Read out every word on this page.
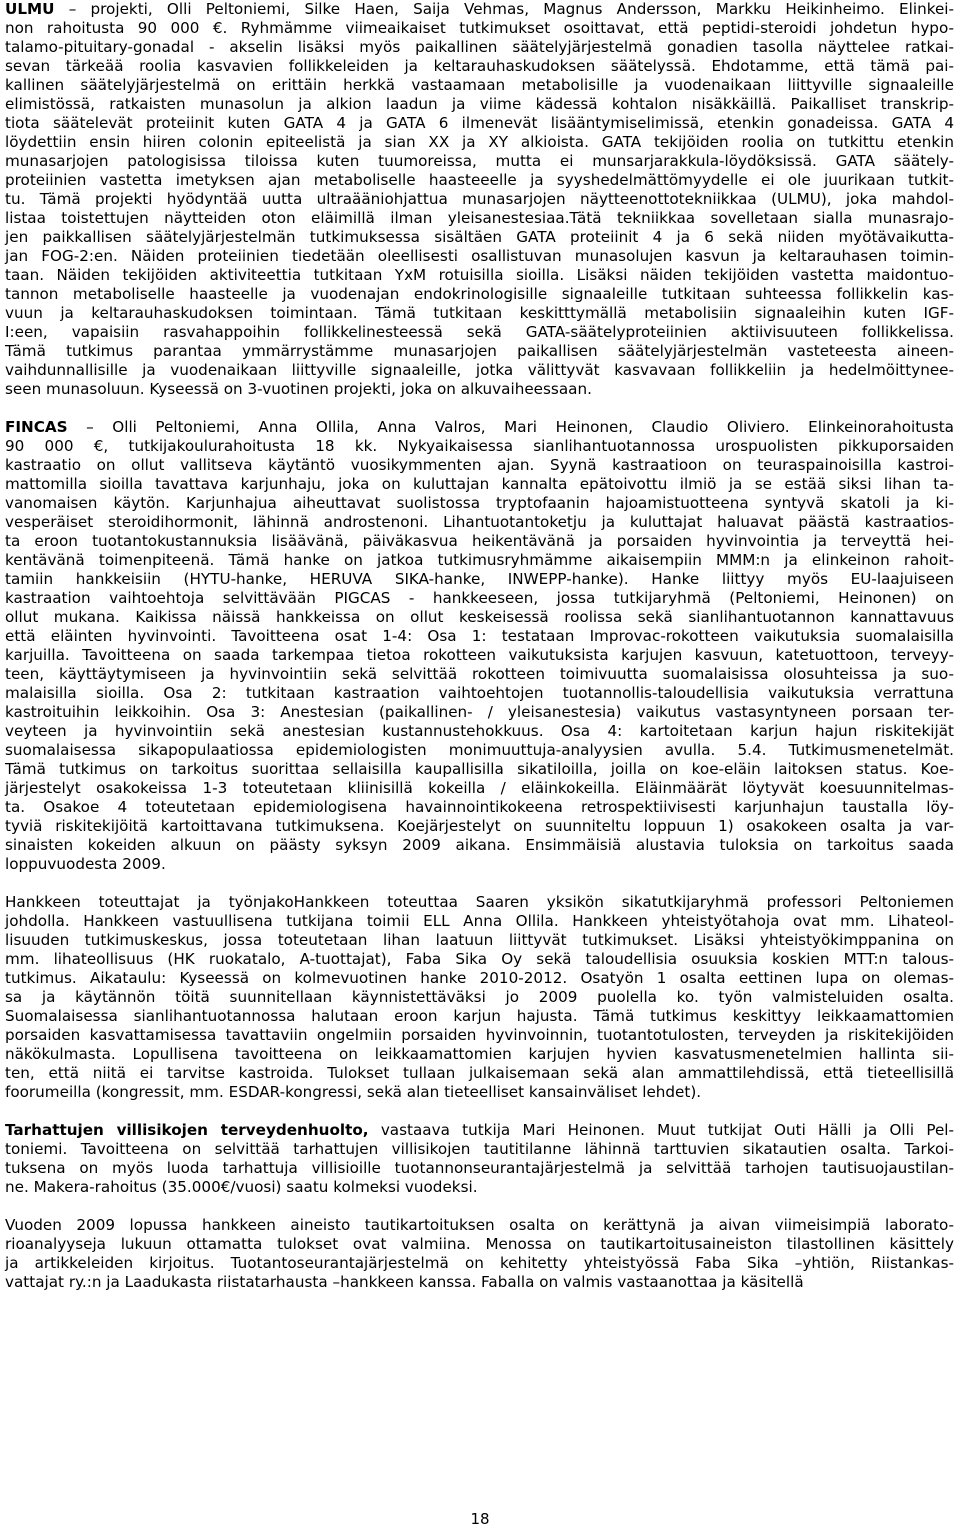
ULMU – projekti, Olli Peltoniemi, Silke Haen, Saija Vehmas, Magnus Andersson, Markku Heikinheimo. Elinkei-
non rahoitusta 90 000 €. Ryhmämme viimeaikaiset tutkimukset osoittavat, että peptidi-steroidi johdetun hypo-
talamo-pituitary-gonadal - akselin lisäksi myös paikallinen säätelyjärjestelmä gonadien tasolla näyttelee ratkai-
sevan tärkeää roolia kasvavien follikkeleiden ja keltarauhaskudoksen säätelyssä. Ehdotamme, että tämä pai-
kallinen säätelyjärjestelmä on erittäin herkkä vastaamaan metabolisille ja vuodenaikaan liittyville signaaleille
elimistössä, ratkaisten munasolun ja alkion laadun ja viime kädessä kohtalon nisäkkäillä. Paikalliset transkrip-
tiota säätelevät proteiinit kuten GATA 4 ja GATA 6 ilmenevät lisääntymiselimissä, etenkin gonadeissa. GATA 4
löydettiin ensin hiiren colonin epiteelistä ja sian XX ja XY alkioista. GATA tekijöiden roolia on tutkittu etenkin
munasarjojen patologisissa tiloissa kuten tuumoreissa, mutta ei munsarjarakkula-löydöksissä. GATA säätely-
proteiinien vastetta imetyksen ajan metaboliselle haasteeelle ja syyshedelmättömyydelle ei ole juurikaan tutkit-
tu. Tämä projekti hyödyntää uutta ultraääniohjattua munasarjojen näytteenottotekniikkaa (ULMU), joka mahdol-
listaa toistettujen näytteiden oton eläimillä ilman yleisanestesiaa.Tätä tekniikkaa sovelletaan sialla munasrajo-
jen paikkallisen säätelyjärjestelmän tutkimuksessa sisältäen GATA proteiinit 4 ja 6 sekä niiden myötävaikutta-
jan FOG-2:en. Näiden proteiinien tiedetään oleellisesti osallistuvan munasolujen kasvun ja keltarauhasen toimin-
taan. Näiden tekijöiden aktiviteettia tutkitaan YxM rotuisilla sioilla. Lisäksi näiden tekijöiden vastetta maidontuo-
tannon metaboliselle haasteelle ja vuodenajan endokrinologisille signaaleille tutkitaan suhteessa follikkelin kas-
vuun ja keltarauhaskudoksen toimintaan. Tämä tutkitaan keskitttymällä metabolisiin signaaleihin kuten IGF-
I:een, vapaisiin rasvahappoihin follikkelinesteessä sekä GATA-säätelyproteiinien aktiivisuuteen follikkelissa.
Tämä tutkimus parantaa ymmärrystämme munasarjojen paikallisen säätelyjärjestelmän vasteteesta aineen-
vaihdunnallisille ja vuodenaikaan liittyville signaaleille, jotka välittyvät kasvavaan follikkeliin ja hedelmöittynee-
seen munasoluun. Kyseessä on 3-vuotinen projekti, joka on alkuvaiheessaan.
FINCAS – Olli Peltoniemi, Anna Ollila, Anna Valros, Mari Heinonen, Claudio Oliviero. Elinkeinorahoitusta
90 000 €, tutkijakoulurahoitusta 18 kk. Nykyaikaisessa sianlihantuotannossa urospuolisten pikkuporsaiden
kastraatio on ollut vallitseva käytäntö vuosikymmenten ajan. Syynä kastraatioon on teuraspainoisilla kastroi-
mattomilla sioilla tavattava karjunhaju, joka on kuluttajan kannalta epätoivottu ilmiö ja se estää siksi lihan ta-
vanomaisen käytön. Karjunhajua aiheuttavat suolistossa tryptofaanin hajoamistuotteena syntyvä skatoli ja ki-
vesperäiset steroidihormonit, lähinnä androstenoni. Lihantuotantoketju ja kuluttajat haluavat päästä kastraatios-
ta eroon tuotantokustannuksia lisäävänä, päiväkasvua heikentävänä ja porsaiden hyvinvointia ja terveyttä hei-
kentävänä toimenpiteenä. Tämä hanke on jatkoa tutkimusryhmämme aikaisempiin MMM:n ja elinkeinon rahoit-
tamiin hankkeisiin (HYTU-hanke, HERUVA SIKA-hanke, INWEPP-hanke). Hanke liittyy myös EU-laajuiseen
kastraation vaihtoehtoja selvittävään PIGCAS - hankkeeseen, jossa tutkijaryhmä (Peltoniemi, Heinonen) on
ollut mukana. Kaikissa näissä hankkeissa on ollut keskeisessä roolissa sekä sianlihantuotannon kannattavuus
että eläinten hyvinvointi. Tavoitteena osat 1-4: Osa 1: testataan Improvac-rokotteen vaikutuksia suomalaisilla
karjuilla. Tavoitteena on saada tarkempaa tietoa rokotteen vaikutuksista karjujen kasvuun, katetuottoon, terveyy-
teen, käyttäytymiseen ja hyvinvointiin sekä selvittää rokotteen toimivuutta suomalaisissa olosuhteissa ja suo-
malaisilla sioilla. Osa 2: tutkitaan kastraation vaihtoehtojen tuotannollis-taloudellisia vaikutuksia verrattuna
kastroituihin leikkoihin. Osa 3: Anestesian (paikallinen- / yleisanestesia) vaikutus vastasyntyneen porsaan ter-
veyteen ja hyvinvointiin sekä anestesian kustannustehokkuus. Osa 4: kartoitetaan karjun hajun riskitekijät
suomalaisessa sikapopulaatiossa epidemiologisten monimuuttuja-analyysien avulla. 5.4. Tutkimusmenetelmät.
Tämä tutkimus on tarkoitus suorittaa sellaisilla kaupallisilla sikatiloilla, joilla on koe-eläin laitoksen status. Koe-
järjestelyt osakokeissa 1-3 toteutetaan kliinisillä kokeilla / eläinkokeilla. Eläinmäärät löytyvät koesuunnitelmas-
ta. Osakoe 4 toteutetaan epidemiologisena havainnointikokeena retrospektiivisesti karjunhajun taustalla löy-
tyviä riskitekijöitä kartoittavana tutkimuksena. Koejärjestelyt on suunniteltu loppuun 1) osakokeen osalta ja var-
sinaisten kokeiden alkuun on päästy syksyn 2009 aikana. Ensimmäisiä alustavia tuloksia on tarkoitus saada
loppuvuodesta 2009.
Hankkeen toteuttajat ja työnjakoHankkeen toteuttaa Saaren yksikön sikatutkijaryhmä professori Peltoniemen
johdolla. Hankkeen vastuullisena tutkijana toimii ELL Anna Ollila. Hankkeen yhteistyötahoja ovat mm. Lihateol-
lisuuden tutkimuskeskus, jossa toteutetaan lihan laatuun liittyvät tutkimukset. Lisäksi yhteistyökimppanina on
mm. lihateollisuus (HK ruokatalo, A-tuottajat), Faba Sika Oy sekä taloudellisia osuuksia koskien MTT:n talous-
tutkimus. Aikataulu: Kyseessä on kolmevuotinen hanke 2010-2012. Osatyön 1 osalta eettinen lupa on olemas-
sa ja käytännön töitä suunnitellaan käynnistettäväksi jo 2009 puolella ko. työn valmisteluiden osalta.
Suomalaisessa sianlihantuotannossa halutaan eroon karjun hajusta. Tämä tutkimus keskittyy leikkaamattomien
porsaiden kasvattamisessa tavattaviin ongelmiin porsaiden hyvinvoinnin, tuotantotulosten, terveyden ja riskitekijöiden
näkökulmasta. Lopullisena tavoitteena on leikkaamattomien karjujen hyvien kasvatusmenetelmien hallinta sii-
ten, että niitä ei tarvitse kastroida. Tulokset tullaan julkaisemaan sekä alan ammattilehdissä, että tieteellisillä
foorumeilla (kongressit, mm. ESDAR-kongressi, sekä alan tieteelliset kansainväliset lehdet).
Tarhattujen villisikojen terveydenhuolto, vastaava tutkija Mari Heinonen. Muut tutkijat Outi Hälli ja Olli Pel-
toniemi. Tavoitteena on selvittää tarhattujen villisikojen tautitilanne lähinnä tarttuvien sikatautien osalta. Tarkoi-
tuksena on myös luoda tarhattuja villisioille tuotannonseurantajärjestelmä ja selvittää tarhojen tautisuojaustilan-
ne. Makera-rahoitus (35.000€/vuosi) saatu kolmeksi vuodeksi.
Vuoden 2009 lopussa hankkeen aineisto tautikartoituksen osalta on kerättynä ja aivan viimeisimpiä laborato-
rioanalyyseja lukuun ottamatta tulokset ovat valmiina. Menossa on tautikartoitusaineiston tilastollinen käsittely
ja artikkeleiden kirjoitus. Tuotantoseurantajärjestelmä on kehitetty yhteistyössä Faba Sika –yhtiön, Riistankas-
vattajat ry.:n ja Laadukasta riistatarhausta –hankkeen kanssa. Faballa on valmis vastaanottaa ja käsitellä
18
